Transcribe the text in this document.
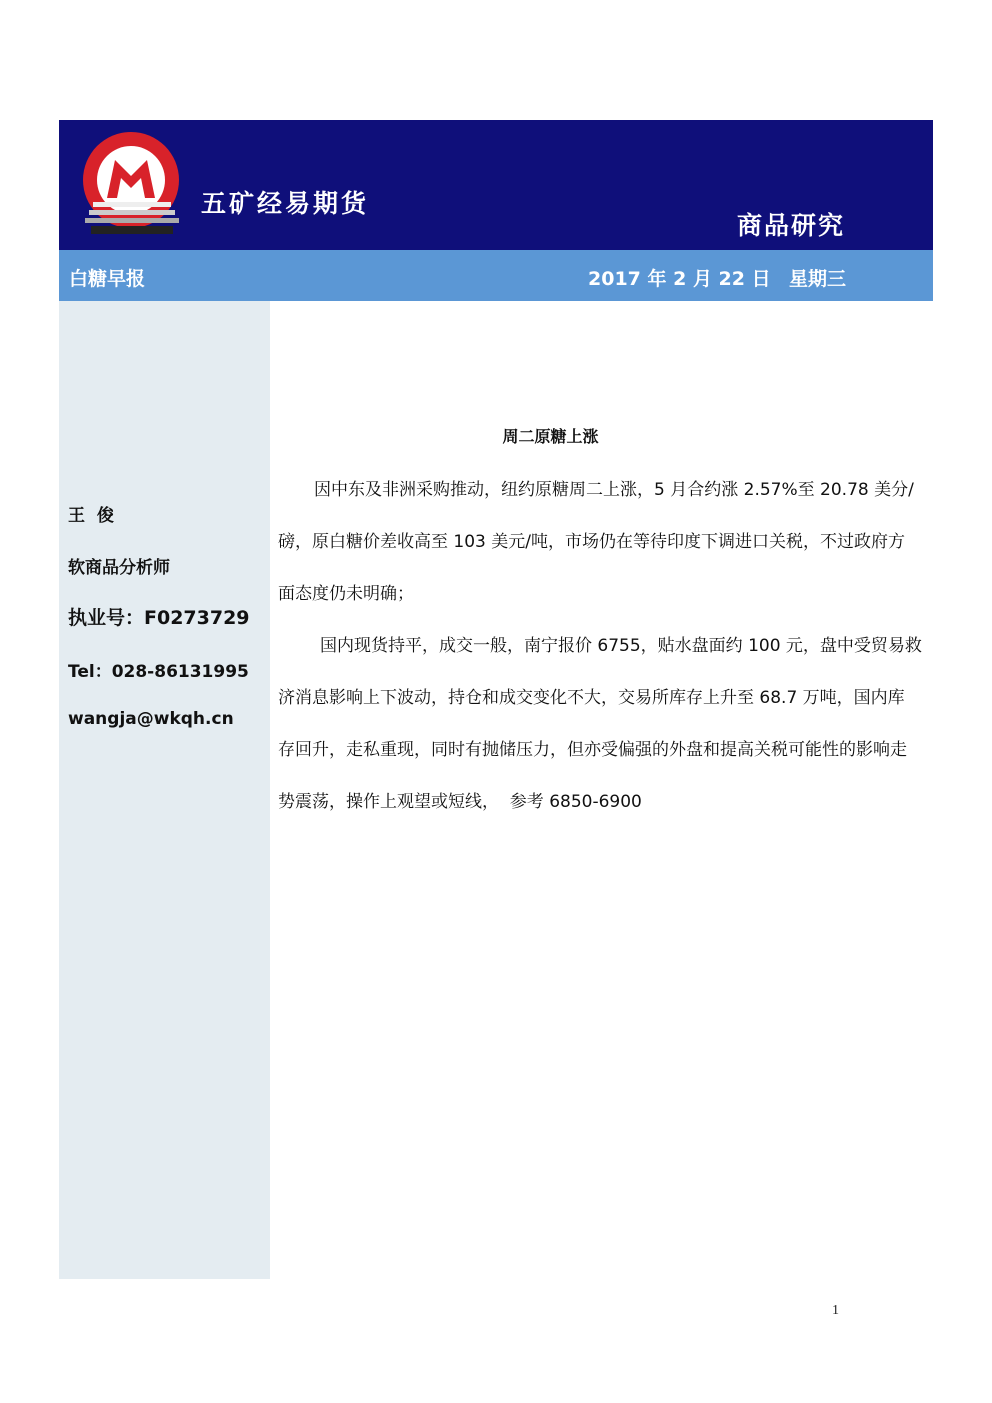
五矿经易期货
商品研究
白糖早报	2017 年 2 月 22 日 星期三
王  俊
软商品分析师
执业号：F0273729
Tel：028-86131995
wangja@wkqh.cn
周二原糖上涨
因中东及非洲采购推动，纽约原糖周二上涨，5 月合约涨 2.57%至 20.78 美分/
磅，原白糖价差收高至 103 美元/吨，市场仍在等待印度下调进口关税，不过政府方
面态度仍未明确；
国内现货持平，成交一般，南宁报价 6755，贴水盘面约 100 元，盘中受贸易救
济消息影响上下波动，持仓和成交变化不大，交易所库存上升至 68.7 万吨，国内库
存回升，走私重现，同时有抛储压力，但亦受偏强的外盘和提高关税可能性的影响走
势震荡，操作上观望或短线，  参考 6850-6900
1
